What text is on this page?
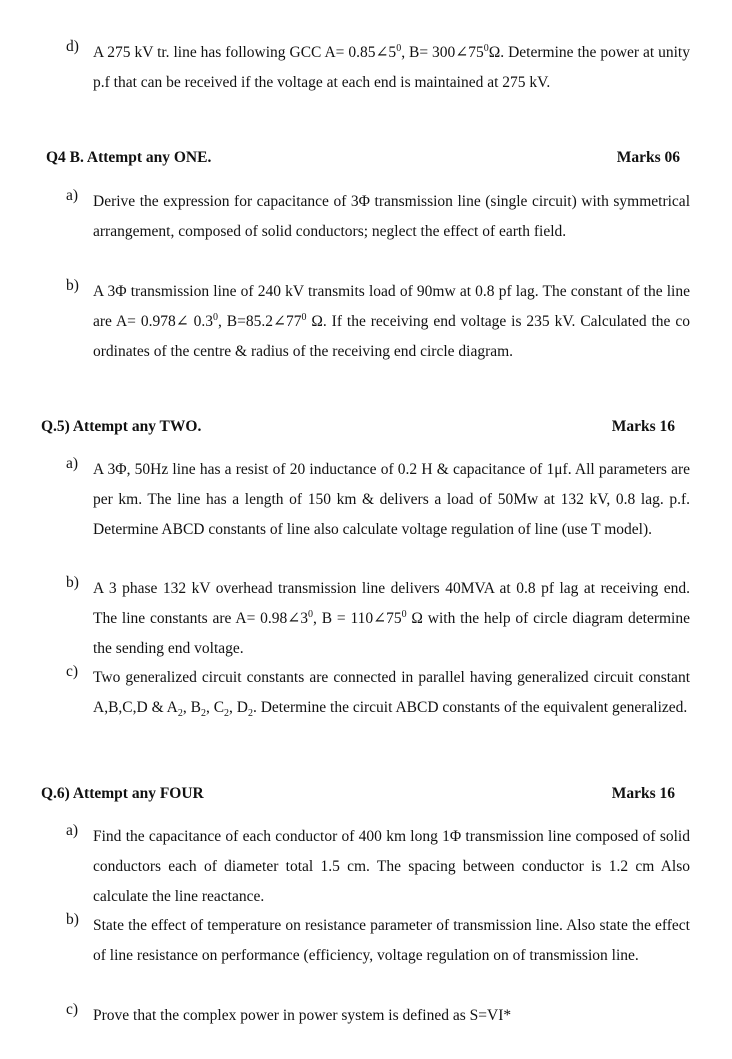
d) A 275 kV tr. line has following GCC $A= 0.85\angle 5^0$, $B= 300\angle 75^0\Omega$. Determine the power at unity p.f that can be received if the voltage at each end is maintained at 275 kV.
Q4 B. Attempt any ONE.	Marks 06
a) Derive the expression for capacitance of 3Φ transmission line (single circuit) with symmetrical arrangement, composed of solid conductors; neglect the effect of earth field.
b) A 3Φ transmission line of 240 kV transmits load of 90mw at 0.8 pf lag. The constant of the line are A= 0.978∠ $0.3^0$, $B=85.2\angle 77^0$ Ω. If the receiving end voltage is 235 kV. Calculated the co ordinates of the centre & radius of the receiving end circle diagram.
Q.5) Attempt any TWO.	Marks 16
a) A 3Φ, 50Hz line has a resist of 20 inductance of 0.2 H & capacitance of 1μf. All parameters are per km. The line has a length of 150 km & delivers a load of 50Mw at 132 kV, 0.8 lag. p.f. Determine ABCD constants of line also calculate voltage regulation of line (use T model).
b) A 3 phase 132 kV overhead transmission line delivers 40MVA at 0.8 pf lag at receiving end. The line constants are $A= 0.98\angle 3^0$, $B = 110\angle 75^0$ Ω with the help of circle diagram determine the sending end voltage.
c) Two generalized circuit constants are connected in parallel having generalized circuit constant A,B,C,D & $A_2$, $B_2$, $C_2$, $D_2$. Determine the circuit ABCD constants of the equivalent generalized.
Q.6) Attempt any FOUR	Marks 16
a) Find the capacitance of each conductor of 400 km long 1Φ transmission line composed of solid conductors each of diameter total 1.5 cm. The spacing between conductor is 1.2 cm Also calculate the line reactance.
b) State the effect of temperature on resistance parameter of transmission line. Also state the effect of line resistance on performance (efficiency, voltage regulation on of transmission line.
c) Prove that the complex power in power system is defined as S=VI*
